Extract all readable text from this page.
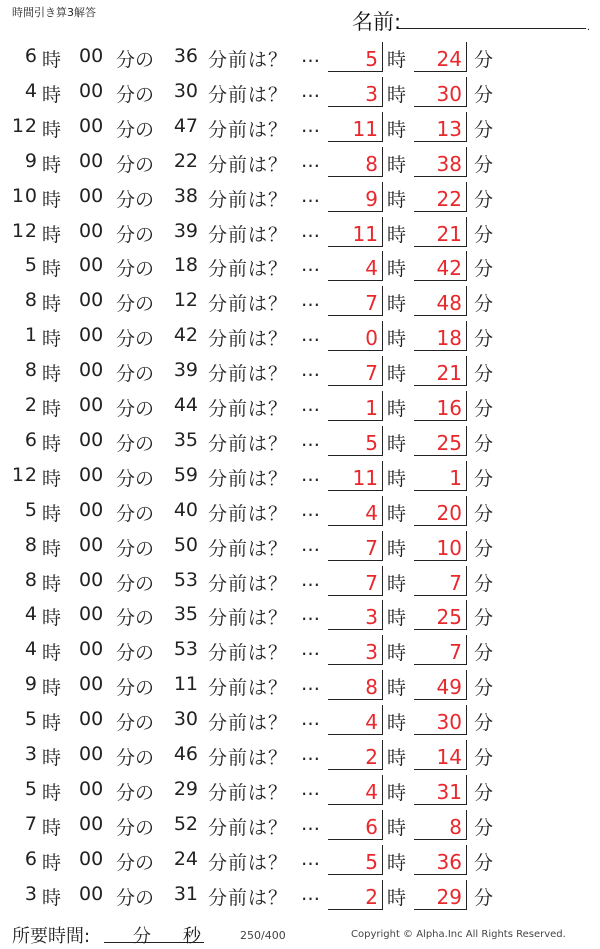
時間引き算3解答	名前:	.
6 時 00 分の	36 分前は？ …	5 時	24 分
4 時 00 分の	30 分前は？ …	3 時	30 分
12 時 00 分の	47 分前は？ …	11 時	13 分
9 時 00 分の	22 分前は？ …	8 時	38 分
10 時 00 分の	38 分前は？ …	9 時	22 分
12 時 00 分の	39 分前は？ …	11 時	21 分
5 時 00 分の	18 分前は？ …	4 時	42 分
8 時 00 分の	12 分前は？ …	7 時	48 分
1 時 00 分の	42 分前は？ …	0 時	18 分
8 時 00 分の	39 分前は？ …	7 時	21 分
2 時 00 分の	44 分前は？ …	1 時	16 分
6 時 00 分の	35 分前は？ …	5 時	25 分
12 時 00 分の	59 分前は？ …	11 時	1 分
5 時 00 分の	40 分前は？ …	4 時	20 分
8 時 00 分の	50 分前は？ …	7 時	10 分
8 時 00 分の	53 分前は？ …	7 時	7 分
4 時 00 分の	35 分前は？ …	3 時	25 分
4 時 00 分の	53 分前は？ …	3 時	7 分
9 時 00 分の	11 分前は？ …	8 時	49 分
5 時 00 分の	30 分前は？ …	4 時	30 分
3 時 00 分の	46 分前は？ …	2 時	14 分
5 時 00 分の	29 分前は？ …	4 時	31 分
7 時 00 分の	52 分前は？ …	6 時	8 分
6 時 00 分の	24 分前は？ …	5 時	36 分
3 時 00 分の	31 分前は？ …	2 時	29 分
所要時間: 分 秒	250/400	Copyright © Alpha.Inc All Rights Reserved.
